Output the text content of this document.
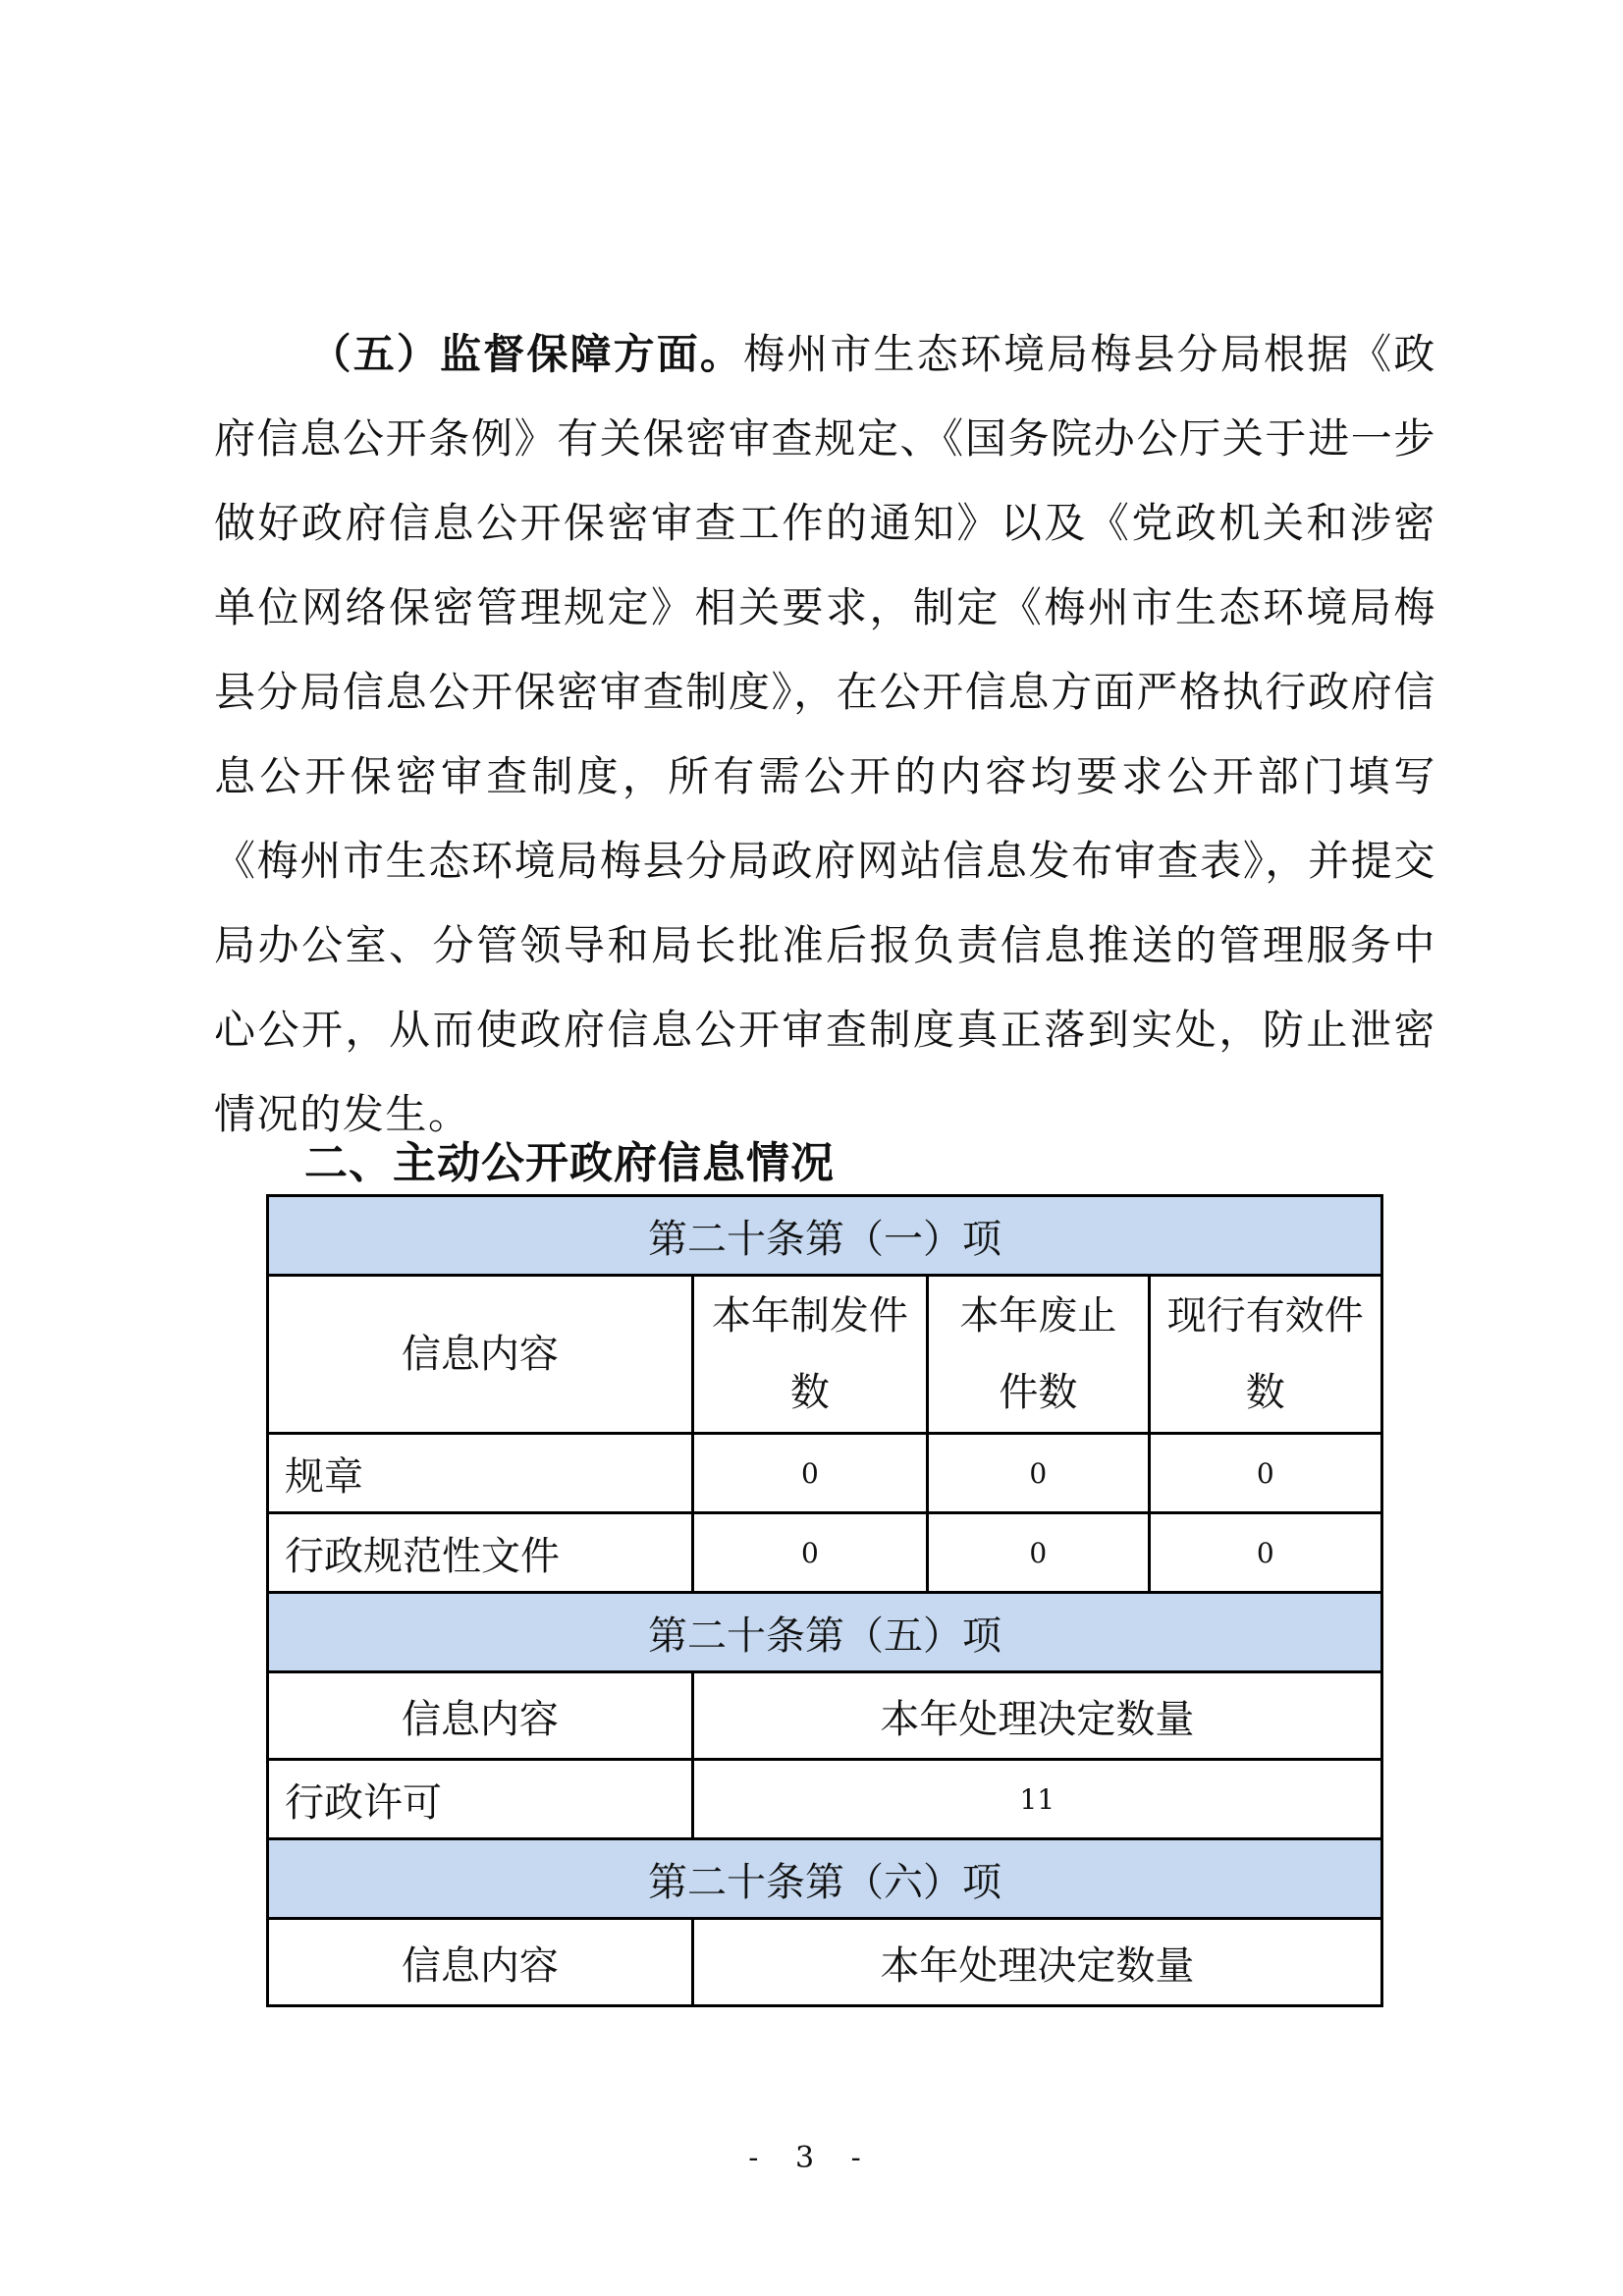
（五）监督保障方面。梅州市生态环境局梅县分局根据《政府信息公开条例》有关保密审查规定、《国务院办公厅关于进一步做好政府信息公开保密审查工作的通知》以及《党政机关和涉密单位网络保密管理规定》相关要求，制定《梅州市生态环境局梅县分局信息公开保密审查制度》，在公开信息方面严格执行政府信息公开保密审查制度，所有需公开的内容均要求公开部门填写《梅州市生态环境局梅县分局政府网站信息发布审查表》，并提交局办公室、分管领导和局长批准后报负责信息推送的管理服务中心公开，从而使政府信息公开审查制度真正落到实处，防止泄密情况的发生。
二、主动公开政府信息情况
第二十条第（一）项			
信息内容	本年制发件数	本年废止件数	现行有效件数
规章	0	0	0
行政规范性文件	0	0	0
第二十条第（五）项			
信息内容	本年处理决定数量		
行政许可	11		
第二十条第（六）项			
信息内容	本年处理决定数量		
- 3 -
